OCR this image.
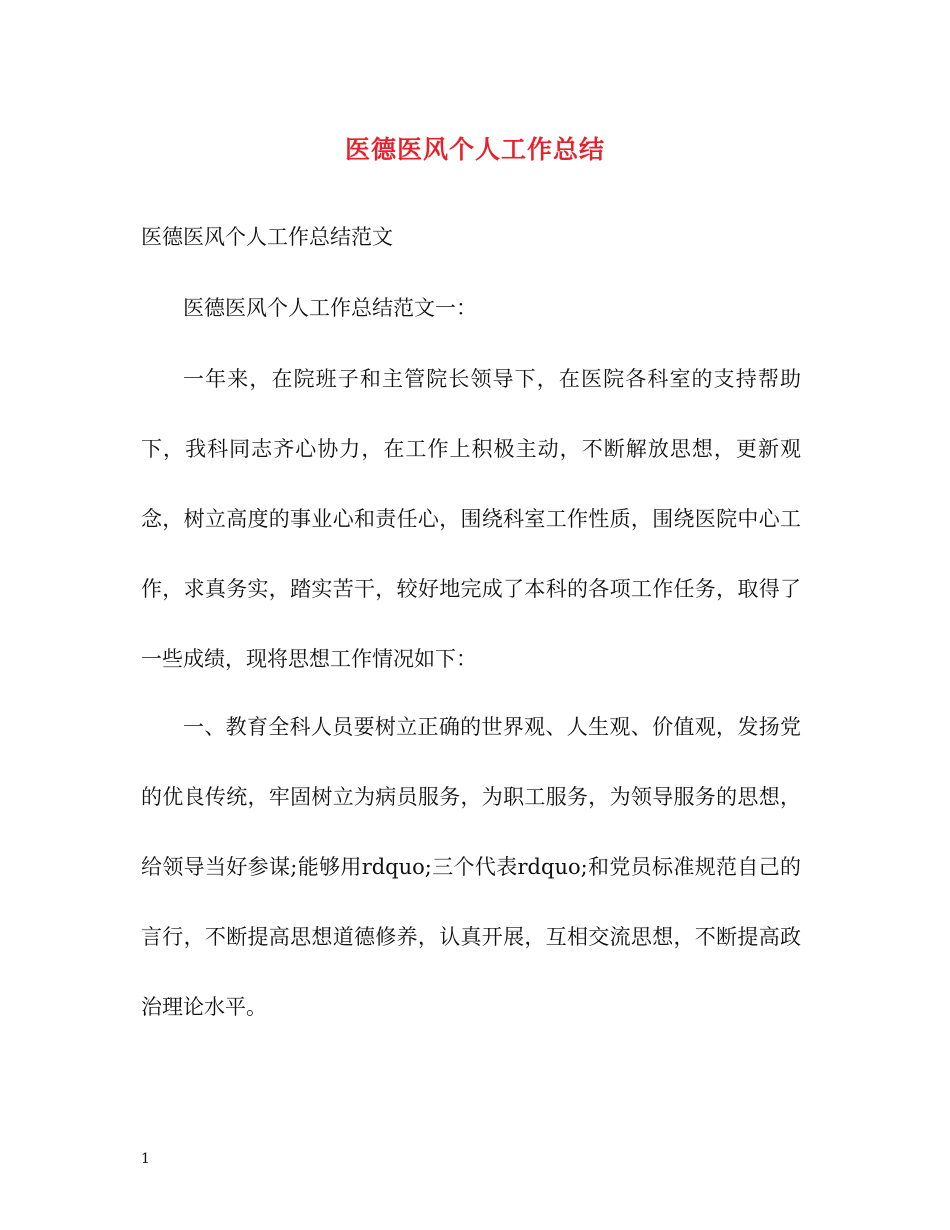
医德医风个人工作总结
医德医风个人工作总结范文

医德医风个人工作总结范文一：

一年来，在院班子和主管院长领导下，在医院各科室的支持帮助下，我科同志齐心协力，在工作上积极主动，不断解放思想，更新观念，树立高度的事业心和责任心，围绕科室工作性质，围绕医院中心工作，求真务实，踏实苦干，较好地完成了本科的各项工作任务，取得了一些成绩，现将思想工作情况如下：

一、教育全科人员要树立正确的世界观、人生观、价值观，发扬党的优良传统，牢固树立为病员服务，为职工服务，为领导服务的思想，给领导当好参谋;能够用rdquo;三个代表rdquo;和党员标准规范自己的言行，不断提高思想道德修养，认真开展，互相交流思想，不断提高政治理论水平。

1
